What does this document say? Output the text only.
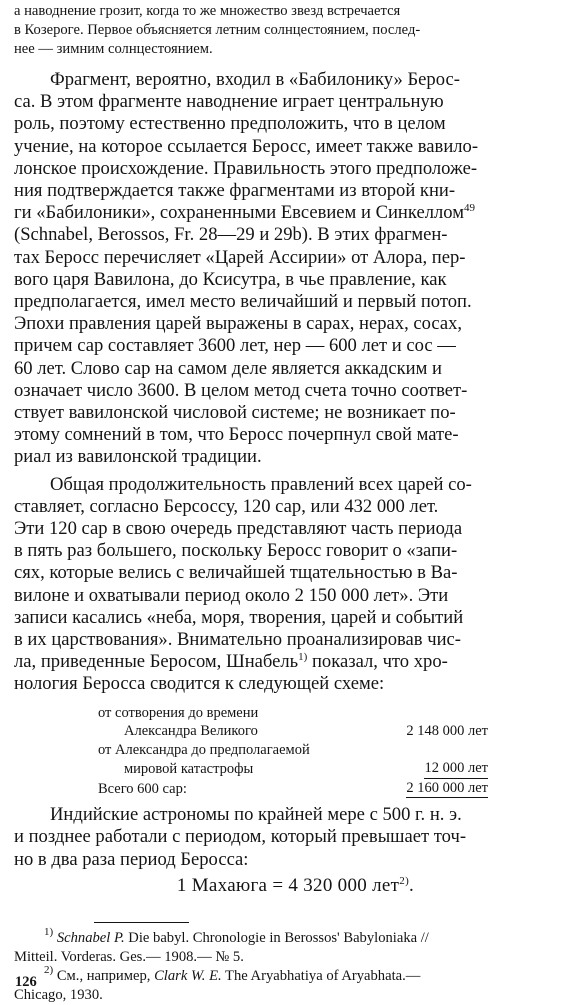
а наводнение грозит, когда то же множество звезд встречается

в Козероге. Первое объясняется летним солнцестоянием, послед-

нее — зимним солнцестоянием.

Фрагмент, вероятно, входил в «Бабилонику» Берос-

са. В этом фрагменте наводнение играет центральную

роль, поэтому естественно предположить, что в целом

учение, на которое ссылается Беросс, имеет также вавило-

лонское происхождение. Правильность этого предположе-

ния подтверждается также фрагментами из второй кни-

ги «Бабилоники», сохраненными Евсевием и Синкеллом$^{49}$

(Schnabel, Berossos, Fr. 28—29 и 29b). В этих фрагмен-

тах Беросс перечисляет «Царей Ассирии» от Алора, пер-

вого царя Вавилона, до Ксисутра, в чье правление, как

предполагается, имел место величайший и первый потоп.

Эпохи правления царей выражены в сарах, нерах, сосах,

причем сар составляет 3600 лет, нер — 600 лет и сос —

60 лет. Слово сар на самом деле является аккадским и

означает число 3600. В целом метод счета точно соответ-

ствует вавилонской числовой системе; не возникает по-

этому сомнений в том, что Беросс почерпнул свой мате-

риал из вавилонской традиции.

Общая продолжительность правлений всех царей со-

ставляет, согласно Берсоссу, 120 сар, или 432 000 лет.

Эти 120 сар в свою очередь представляют часть периода

в пять раз большего, поскольку Беросс говорит о «запи-

сях, которые велись с величайшей тщательностью в Ва-

вилоне и охватывали период около 2 150 000 лет». Эти

записи касались «неба, моря, творения, царей и событий

в их царствования». Внимательно проанализировав чис-

ла, приведенные Беросом, Шнабель$^{1)}$ показал, что хро-

нология Беросса сводится к следующей схеме:

от сотворения до времени
Александра Великого	2 148 000 лет
от Александра до предполагаемой
мировой катастрофы	12 000 лет
Всего 600 сар:	2 160 000 лет

Индийские астрономы по крайней мере с 500 г. н. э.

и позднее работали с периодом, который превышает точ-

но в два раза период Беросса:

1 Махаюга = 4 320 000 лет$^{2)}$.

$^{1)}$ Schnabel P. Die babyl. Chronologie in Berossos' Babyloniaka //

Mitteil. Vorderas. Ges.— 1908.— № 5.

$^{2)}$ См., например, Clark W. E. The Aryabhatiya of Aryabhata.—

Chicago, 1930.

126
